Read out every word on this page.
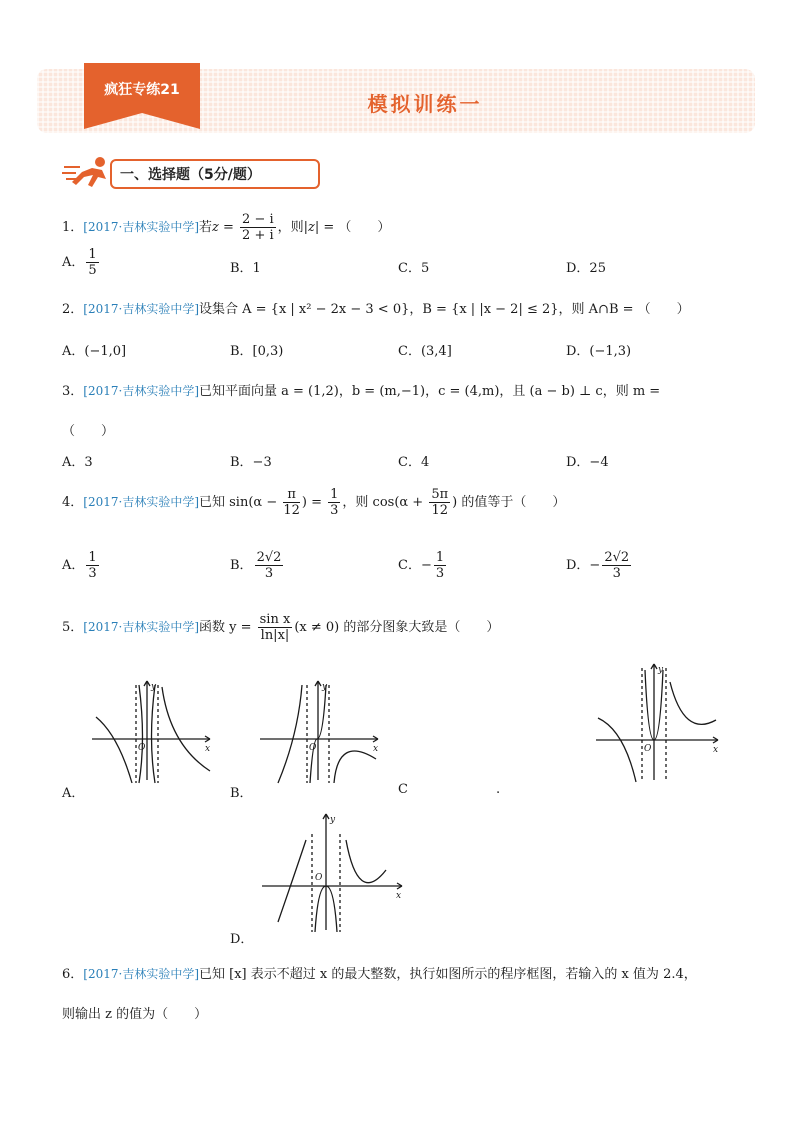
疯狂专练21
模拟训练一
一、选择题（5分/题）
1．[2017·吉林实验中学]若$z = \frac{2 - i}{2 + i}$ ，则|z| = （　　）
A． $\frac{1}{5}$	B．1	C．5	D．25
2．[2017·吉林实验中学]设集合 A = {x | x² − 2x − 3 < 0}，B = {x | |x − 2| ≤ 2}，则 A∩B = （　　）
A．(−1,0]	B．[0,3)	C．(3,4]	D．(−1,3)
3．[2017·吉林实验中学]已知平面向量 a = (1,2)，b = (m,−1)，c = (4,m)，且 (a − b) ⊥ c，则 m =
（　　）
A．3	B．−3	C．4	D．−4
4．[2017·吉林实验中学]已知 $\sin(\alpha - \frac{\pi}{12}$ ) = $\frac{1}{3}$ ，则 $\cos(\alpha + \frac{5\pi}{12}$ ) 的值等于（　　）
A． $\frac{1}{3}$	B． $\frac{2√2}{3}$	C．− $\frac{1}{3}$	D．− $\frac{2√2}{3}$
5．[2017·吉林实验中学]函数 $y = \frac{\text{sin x}}{\ln|x|} (x \ne 0)$ 的部分图象大致是（　　）
O
y
x
A．
O
y
x
B．
O
y
x
C	.
O
y
x
D．
6．[2017·吉林实验中学]已知 [x] 表示不超过 x 的最大整数，执行如图所示的程序框图，若输入的 x 值为 2.4，
则输出 z 的值为（　　）
